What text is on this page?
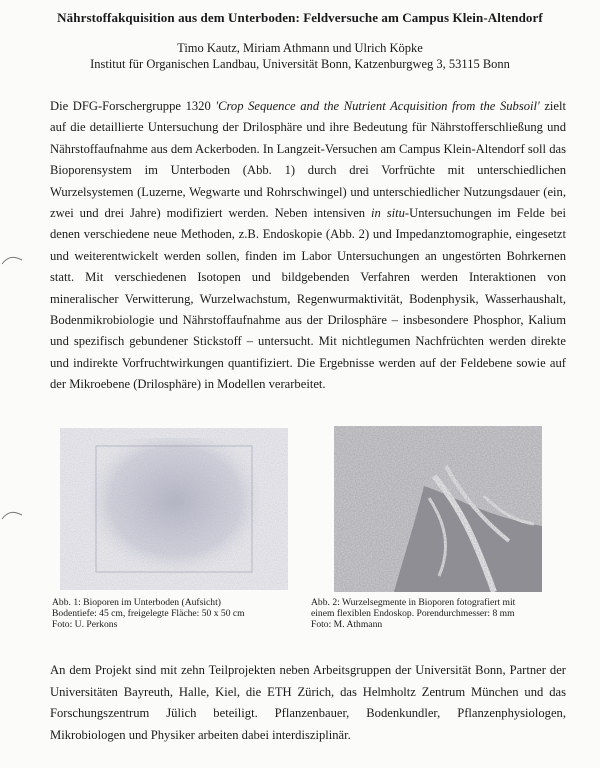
Nährstoffakquisition aus dem Unterboden: Feldversuche am Campus Klein-Altendorf
Timo Kautz, Miriam Athmann und Ulrich Köpke
Institut für Organischen Landbau, Universität Bonn, Katzenburgweg 3, 53115 Bonn

Die DFG-Forschergruppe 1320 'Crop Sequence and the Nutrient Acquisition from the Subsoil' zielt auf die detaillierte Untersuchung der Drilosphäre und ihre Bedeutung für Nährstofferschließung und Nährstoffaufnahme aus dem Ackerboden. In Langzeit-Versuchen am Campus Klein-Altendorf soll das Bioporensystem im Unterboden (Abb. 1) durch drei Vorfrüchte mit unterschiedlichen Wurzelsystemen (Luzerne, Wegwarte und Rohrschwingel) und unterschiedlicher Nutzungsdauer (ein, zwei und drei Jahre) modifiziert werden. Neben intensiven in situ-Untersuchungen im Felde bei denen verschiedene neue Methoden, z.B. Endoskopie (Abb. 2) und Impedanztomographie, eingesetzt und weiterentwickelt werden sollen, finden im Labor Untersuchungen an ungestörten Bohrkernen statt. Mit verschiedenen Isotopen und bildgebenden Verfahren werden Interaktionen von mineralischer Verwitterung, Wurzelwachstum, Regenwurmaktivität, Bodenphysik, Wasserhaushalt, Bodenmikrobiologie und Nährstoffaufnahme aus der Drilosphäre – insbesondere Phosphor, Kalium und spezifisch gebundener Stickstoff – untersucht. Mit nichtlegumen Nachfrüchten werden direkte und indirekte Vorfruchtwirkungen quantifiziert. Die Ergebnisse werden auf der Feldebene sowie auf der Mikroebene (Drilosphäre) in Modellen verarbeitet.

Abb. 1: Bioporen im Unterboden (Aufsicht)
Bodentiefe: 45 cm, freigelegte Fläche: 50 x 50 cm
Foto: U. Perkons
Abb. 2: Wurzelsegmente in Bioporen fotografiert mit
einem flexiblen Endoskop. Porendurchmesser: 8 mm
Foto: M. Athmann

An dem Projekt sind mit zehn Teilprojekten neben Arbeitsgruppen der Universität Bonn, Partner der Universitäten Bayreuth, Halle, Kiel, die ETH Zürich, das Helmholtz Zentrum München und das Forschungszentrum Jülich beteiligt. Pflanzenbauer, Bodenkundler, Pflanzenphysiologen, Mikrobiologen und Physiker arbeiten dabei interdisziplinär.
